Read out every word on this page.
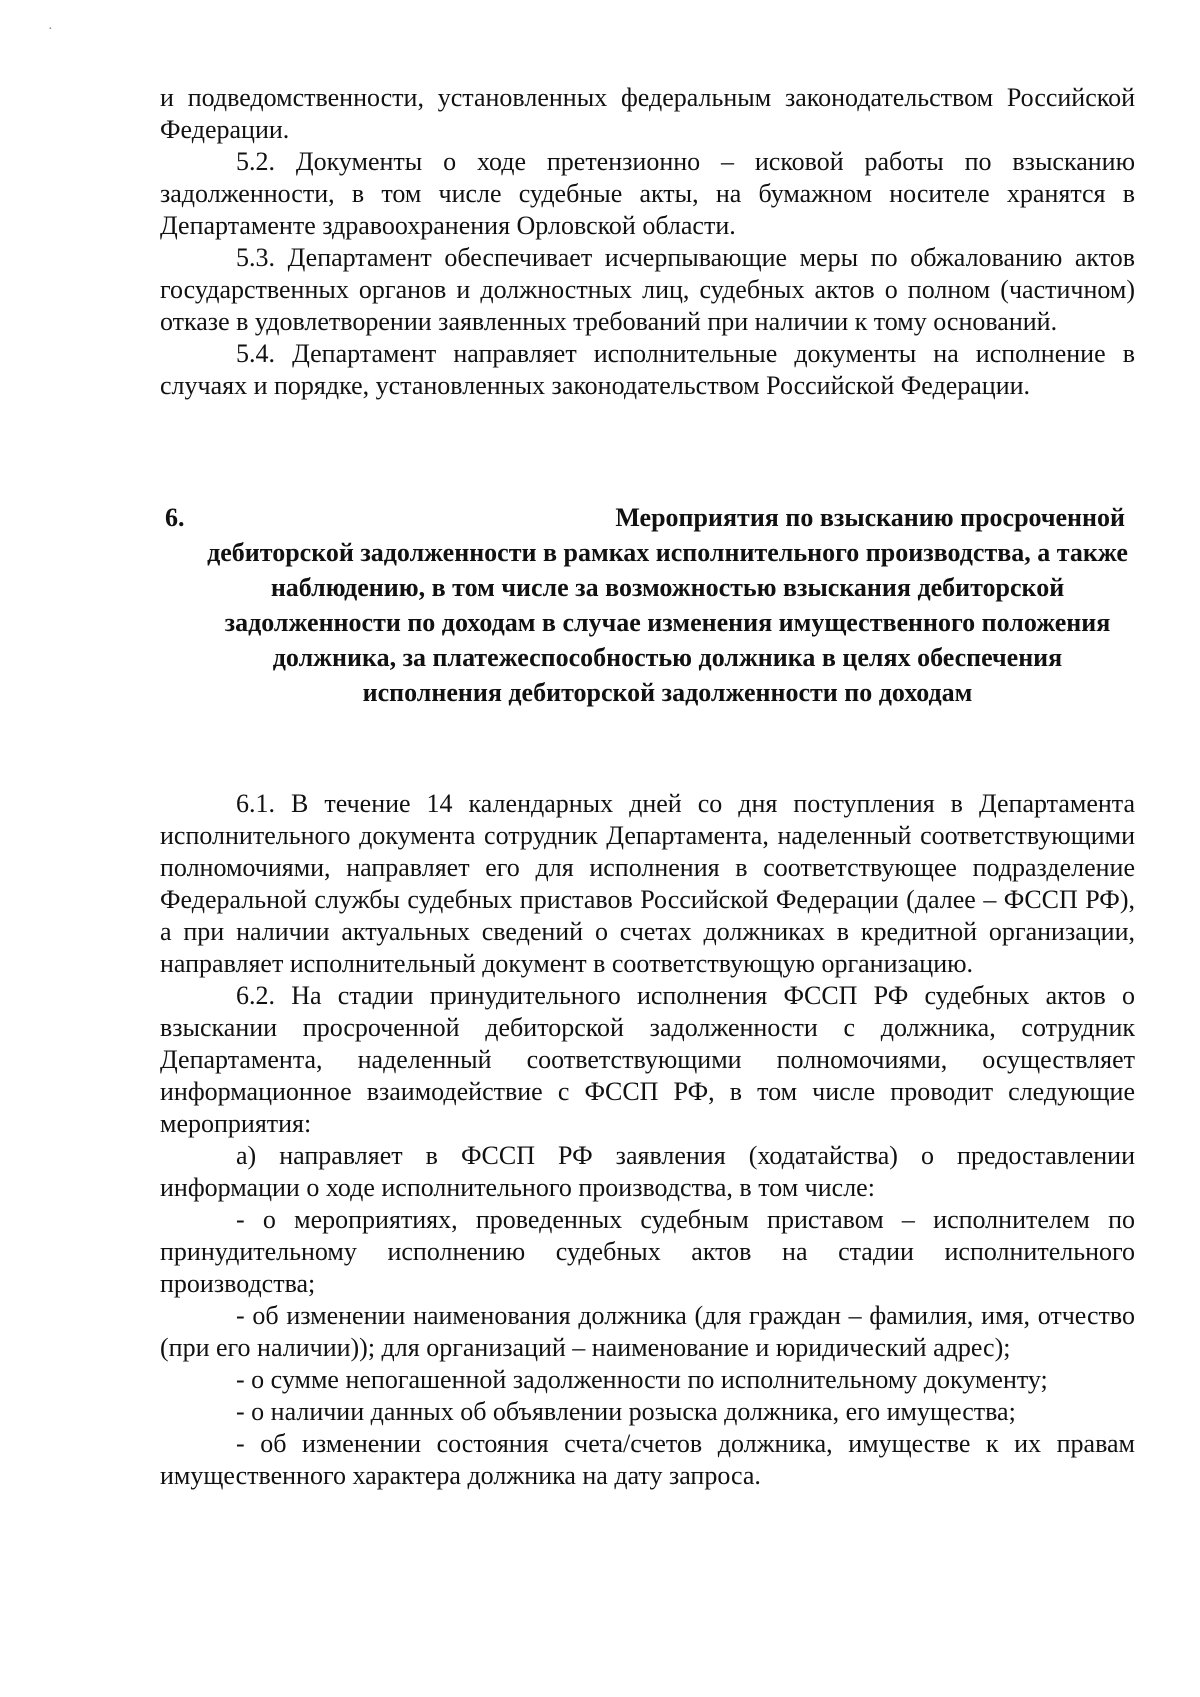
·

и подведомственности, установленных федеральным законодательством Российской Федерации.

5.2. Документы о ходе претензионно – исковой работы по взысканию задолженности, в том числе судебные акты, на бумажном носителе хранятся в Департаменте здравоохранения Орловской области.

5.3. Департамент обеспечивает исчерпывающие меры по обжалованию актов государственных органов и должностных лиц, судебных актов о полном (частичном) отказе в удовлетворении заявленных требований при наличии к тому оснований.

5.4. Департамент направляет исполнительные документы на исполнение в случаях и порядке, установленных законодательством Российской Федерации.

6.	Мероприятия по взысканию просроченной
дебиторской задолженности в рамках исполнительного производства, а также наблюдению, в том числе за возможностью взыскания дебиторской задолженности по доходам в случае изменения имущественного положения должника, за платежеспособностью должника в целях обеспечения исполнения дебиторской задолженности по доходам

6.1. В течение 14 календарных дней со дня поступления в Департамента исполнительного документа сотрудник Департамента, наделенный соответствующими полномочиями, направляет его для исполнения в соответствующее подразделение Федеральной службы судебных приставов Российской Федерации (далее – ФССП РФ), а при наличии актуальных сведений о счетах должниках в кредитной организации, направляет исполнительный документ в соответствующую организацию.

6.2. На стадии принудительного исполнения ФССП РФ судебных актов о взыскании просроченной дебиторской задолженности с должника, сотрудник Департамента, наделенный соответствующими полномочиями, осуществляет информационное взаимодействие с ФССП РФ, в том числе проводит следующие мероприятия:

а) направляет в ФССП РФ заявления (ходатайства) о предоставлении информации о ходе исполнительного производства, в том числе:

- о мероприятиях, проведенных судебным приставом – исполнителем по принудительному исполнению судебных актов на стадии исполнительного производства;

- об изменении наименования должника (для граждан – фамилия, имя, отчество (при его наличии)); для организаций – наименование и юридический адрес);

- о сумме непогашенной задолженности по исполнительному документу;

- о наличии данных об объявлении розыска должника, его имущества;

- об изменении состояния счета/счетов должника, имуществе к их правам имущественного характера должника на дату запроса.
